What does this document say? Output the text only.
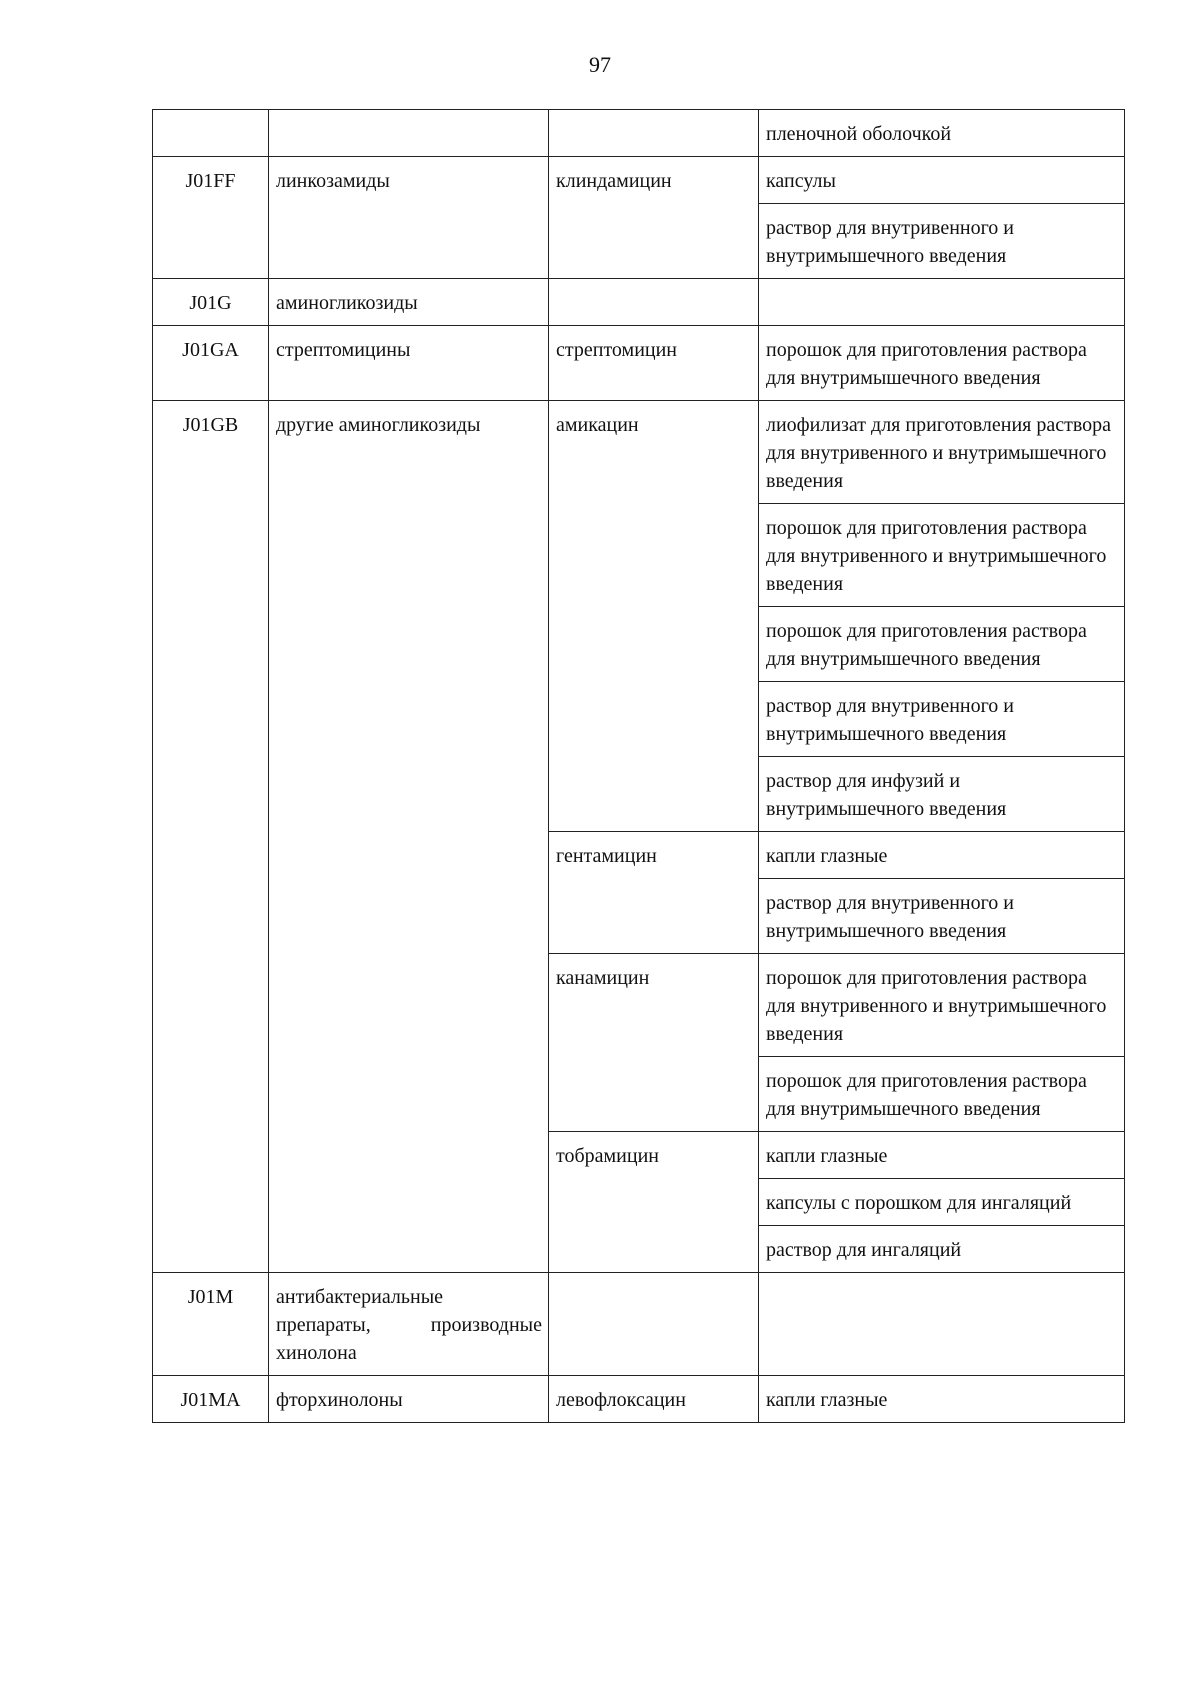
97
			пленочной оболочкой
J01FF	линкозамиды	клиндамицин	капсулы
			раствор для внутривенного и внутримышечного введения
J01G	аминогликозиды		
J01GA	стрептомицины	стрептомицин	порошок для приготовления раствора для внутримышечного введения
J01GB	другие аминогликозиды	амикацин	лиофилизат для приготовления раствора для внутривенного и внутримышечного введения
			порошок для приготовления раствора для внутривенного и внутримышечного введения
			порошок для приготовления раствора для внутримышечного введения
			раствор для внутривенного и внутримышечного введения
			раствор для инфузий и внутримышечного введения
		гентамицин	капли глазные
			раствор для внутривенного и внутримышечного введения
		канамицин	порошок для приготовления раствора для внутривенного и внутримышечного введения
			порошок для приготовления раствора для внутримышечного введения
		тобрамицин	капли глазные
			капсулы с порошком для ингаляций
			раствор для ингаляций
J01M	антибактериальные препараты, производные хинолона		
J01MA	фторхинолоны	левофлоксацин	капли глазные
